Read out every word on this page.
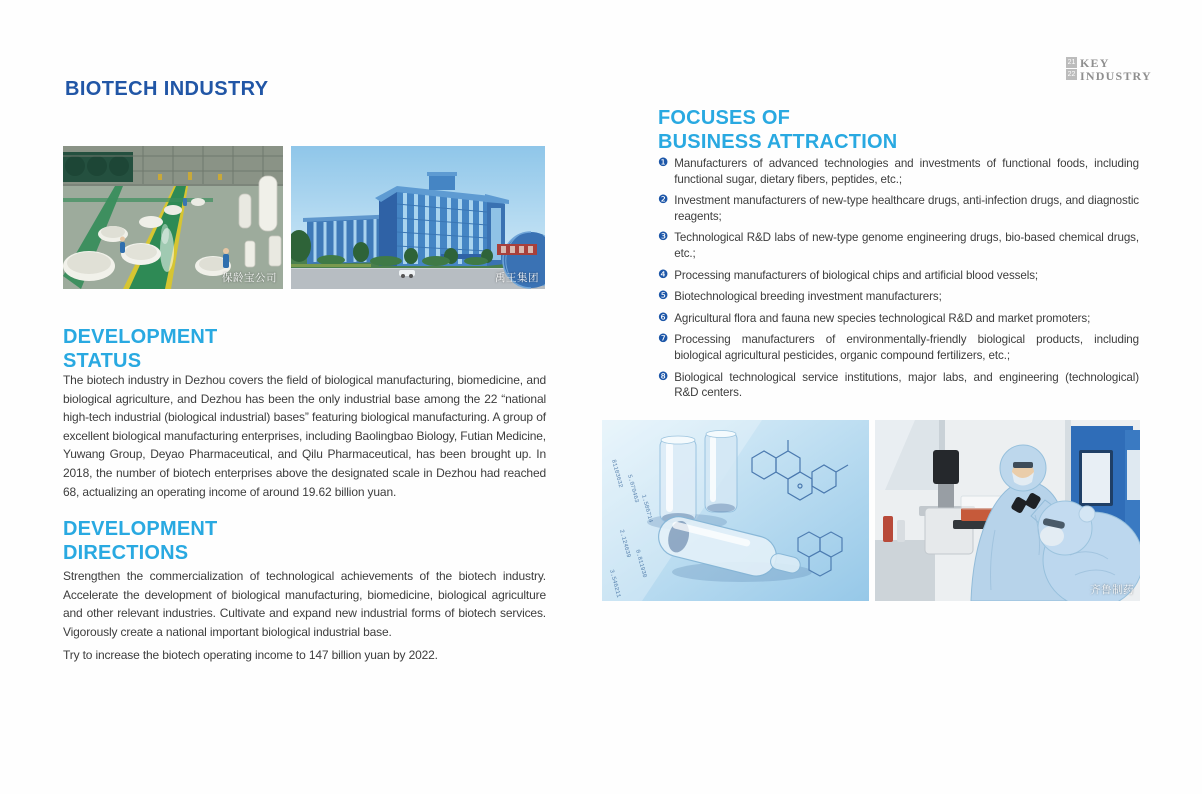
BIOTECH INDUSTRY
21
22
KEY
INDUSTRY
保龄宝公司	禹王集团
DEVELOPMENT
STATUS

The biotech industry in Dezhou covers the field of biological manufacturing, biomedicine, and biological agriculture, and Dezhou has been the only industrial base among the 22 “national high-tech industrial (biological industrial) bases” featuring biological manufacturing. A group of excellent biological manufacturing enterprises, including Baolingbao Biology, Futian Medicine, Yuwang Group, Deyao Pharmaceutical, and Qilu Pharmaceutical, has been brought up. In 2018, the number of biotech enterprises above the designated scale in Dezhou had reached 68, actualizing an operating income of around 19.62 billion yuan.

DEVELOPMENT
DIRECTIONS

Strengthen the commercialization of technological achievements of the biotech industry. Accelerate the development of biological manufacturing, biomedicine, biological agriculture and other relevant industries. Cultivate and expand new industrial forms of biotech services. Vigorously create a national important biological industrial base.

Try to increase the biotech operating income to 147 billion yuan by 2022.

FOCUSES OF
BUSINESS ATTRACTION
❶ Manufacturers of advanced technologies and investments of functional foods, including functional sugar, dietary fibers, peptides, etc.;
❷ Investment manufacturers of new-type healthcare drugs, anti-infection drugs, and diagnostic reagents;
❸ Technological R&D labs of new-type genome engineering drugs, bio-based chemical drugs, etc.;
❹ Processing manufacturers of biological chips and artificial blood vessels;
❺ Biotechnological breeding investment manufacturers;
❻ Agricultural flora and fauna new species technological R&D and market promoters;
❼ Processing manufacturers of environmentally-friendly biological products, including biological agricultural pesticides, organic compound fertilizers, etc.;
❽ Biological technological service institutions, major labs, and engineering (technological) R&D centers.
81103632
5.070463
1.586714
2.124639
0.811930
3.546211	齐鲁制药
